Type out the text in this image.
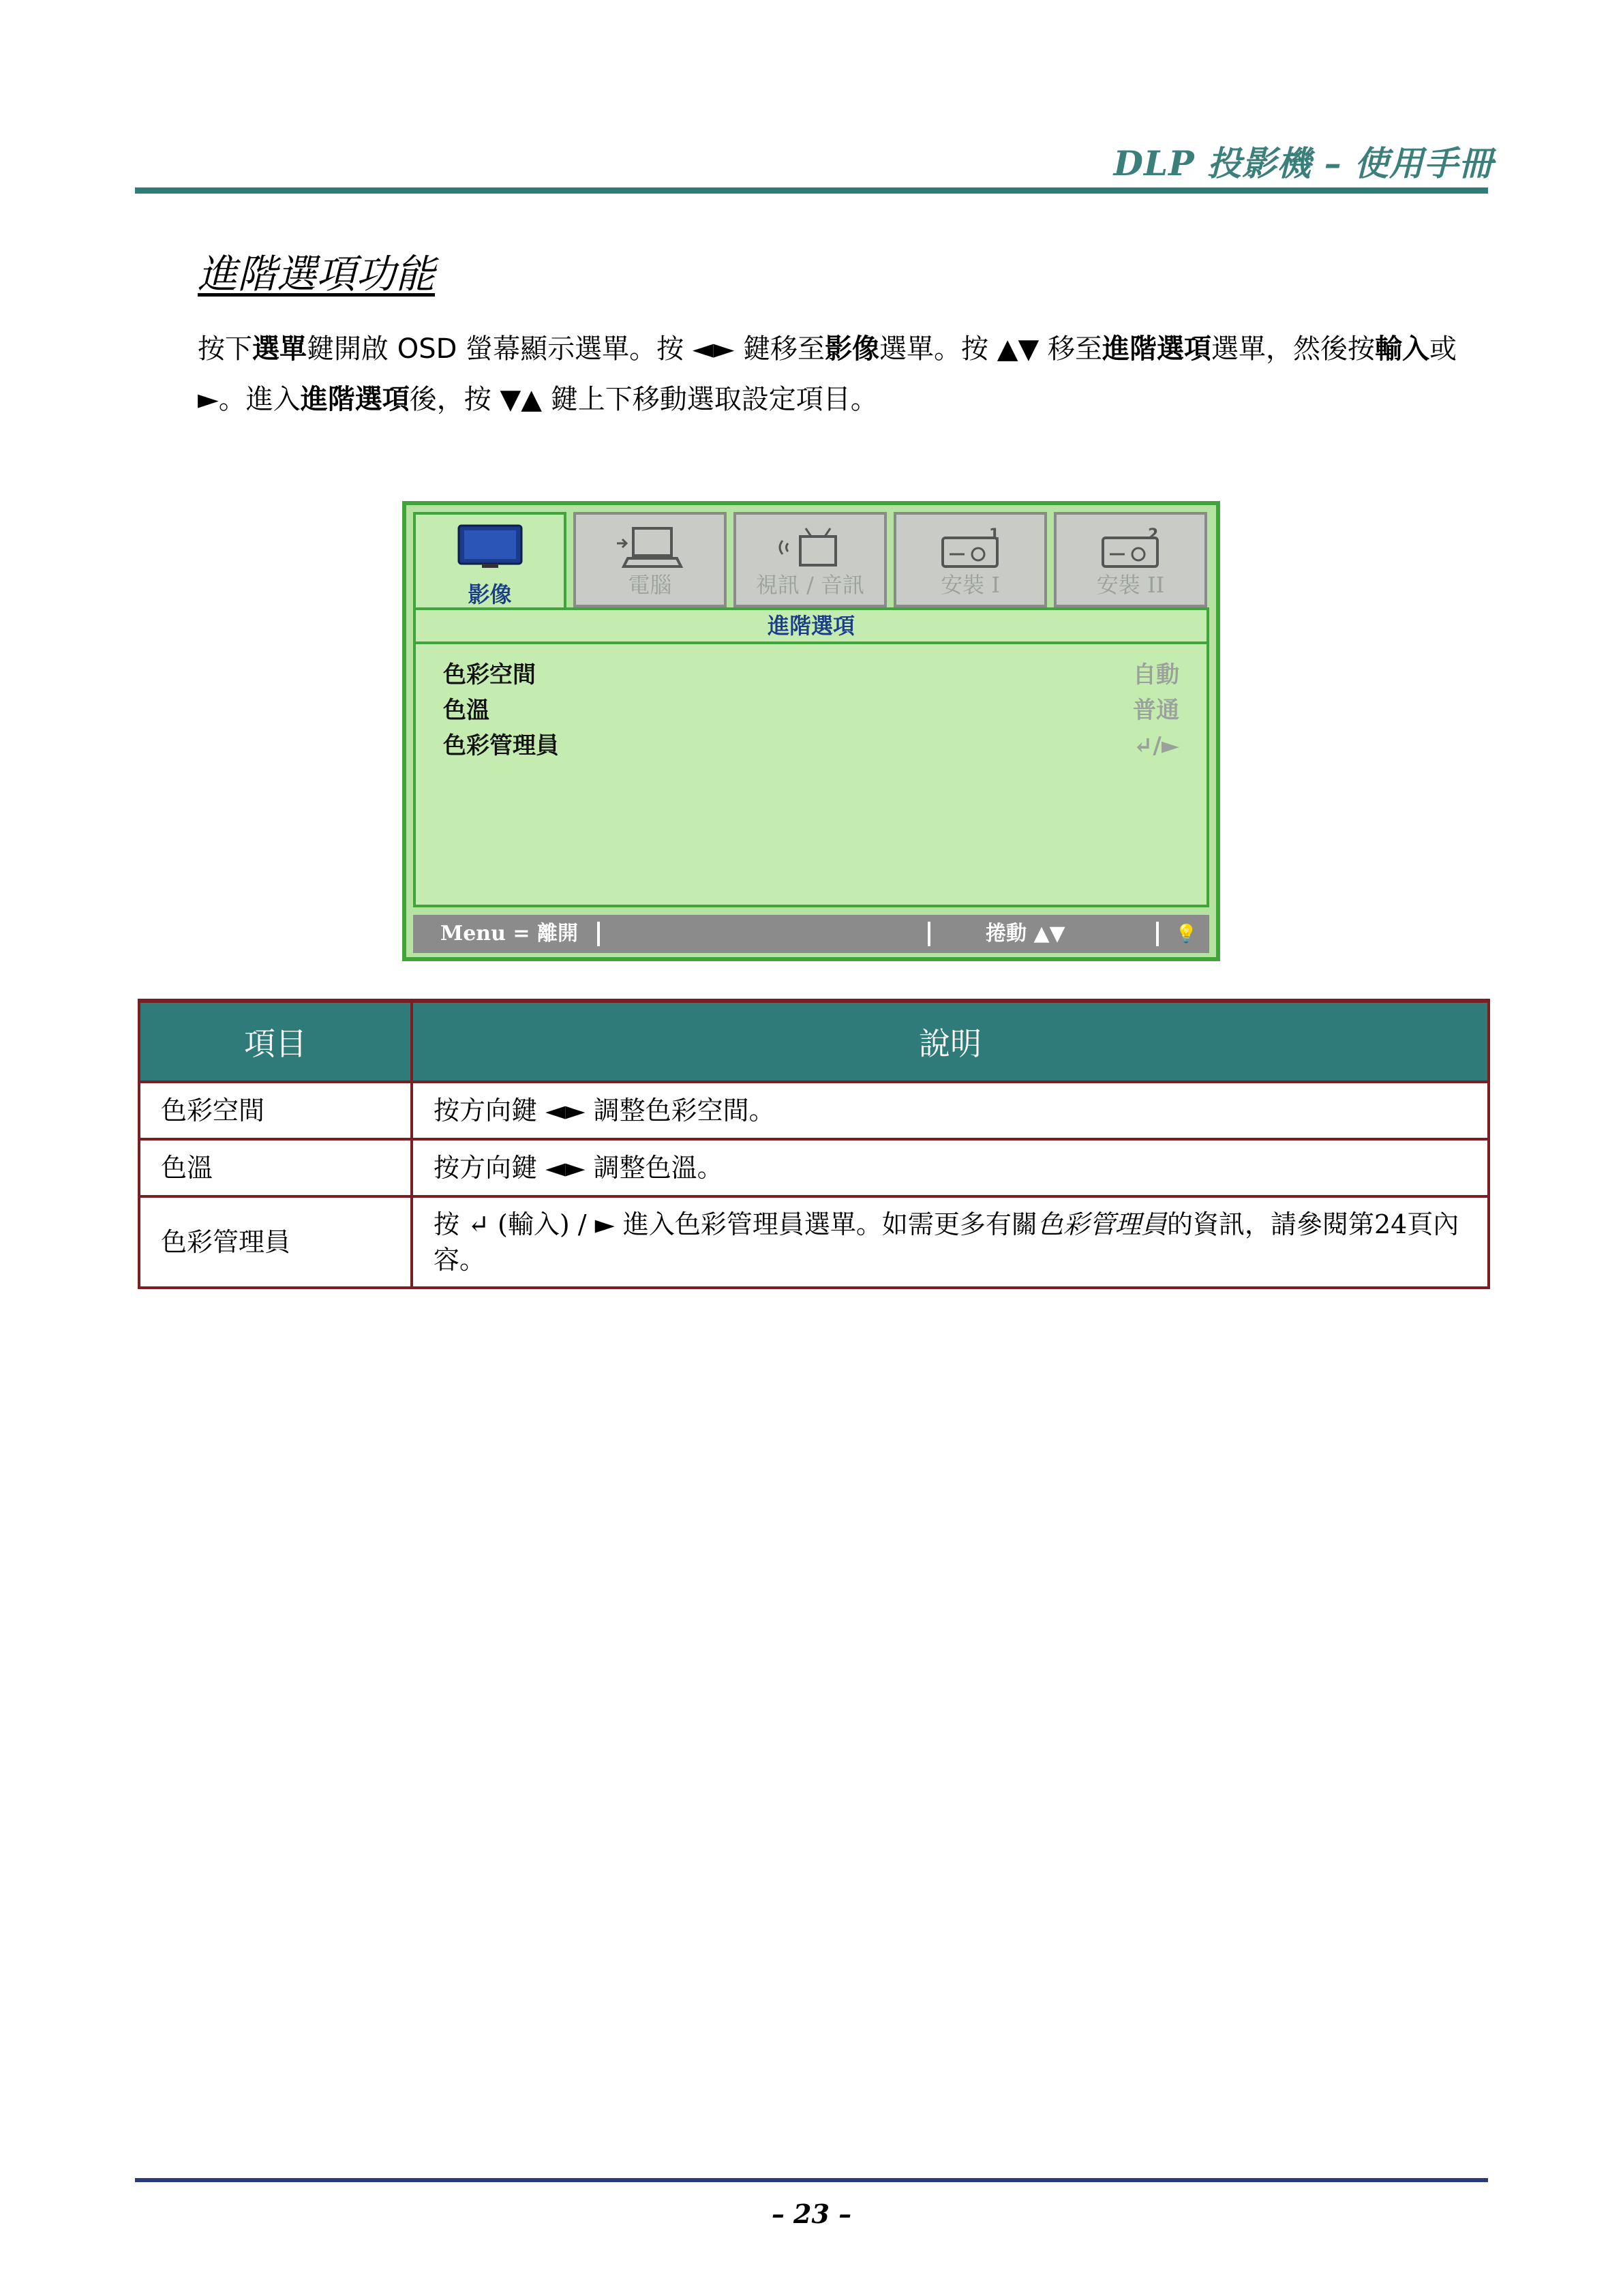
DLP 投影機 – 使用手冊
進階選項功能
按下選單鍵開啟 OSD 螢幕顯示選單。按 ◄► 鍵移至影像選單。按 ▲▼ 移至進階選項選單，然後按輸入或 ►。進入進階選項後，按 ▼▲ 鍵上下移動選取設定項目。
影像	電腦	視訊 / 音訊
1
安裝 I
2
安裝 II
進階選項
色彩空間	自動
色溫	普通
色彩管理員	↵/►
Menu = 離開	捲動 ▲▼	💡
項目	說明
色彩空間	按方向鍵 ◄► 調整色彩空間。
色溫	按方向鍵 ◄► 調整色溫。
色彩管理員	按 ↵ (輸入) / ► 進入色彩管理員選單。如需更多有關色彩管理員的資訊，請參閱第24頁內容。
– 23 –
